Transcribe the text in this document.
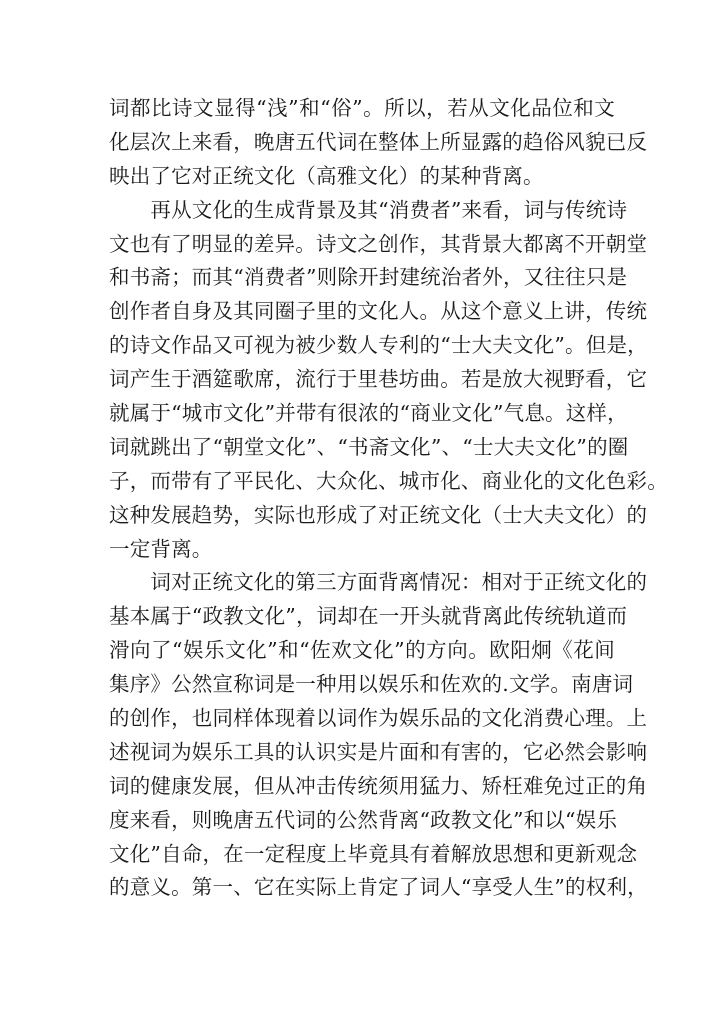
词都比诗文显得“浅”和“俗”。所以，若从文化品位和文
化层次上来看，晚唐五代词在整体上所显露的趋俗风貌已反
映出了它对正统文化（高雅文化）的某种背离。
　　再从文化的生成背景及其“消费者”来看，词与传统诗
文也有了明显的差异。诗文之创作，其背景大都离不开朝堂
和书斋；而其“消费者”则除开封建统治者外，又往往只是
创作者自身及其同圈子里的文化人。从这个意义上讲，传统
的诗文作品又可视为被少数人专利的“士大夫文化”。但是，
词产生于酒筵歌席，流行于里巷坊曲。若是放大视野看，它
就属于“城市文化”并带有很浓的“商业文化”气息。这样，
词就跳出了“朝堂文化”、“书斋文化”、“士大夫文化”的圈
子，而带有了平民化、大众化、城市化、商业化的文化色彩。
这种发展趋势，实际也形成了对正统文化（士大夫文化）的
一定背离。
　　词对正统文化的第三方面背离情况：相对于正统文化的
基本属于“政教文化”，词却在一开头就背离此传统轨道而
滑向了“娱乐文化”和“佐欢文化”的方向。欧阳炯《花间
集序》公然宣称词是一种用以娱乐和佐欢的.文学。南唐词
的创作，也同样体现着以词作为娱乐品的文化消费心理。上
述视词为娱乐工具的认识实是片面和有害的，它必然会影响
词的健康发展，但从冲击传统须用猛力、矫枉难免过正的角
度来看，则晚唐五代词的公然背离“政教文化”和以“娱乐
文化”自命，在一定程度上毕竟具有着解放思想和更新观念
的意义。第一、它在实际上肯定了词人“享受人生”的权利，
